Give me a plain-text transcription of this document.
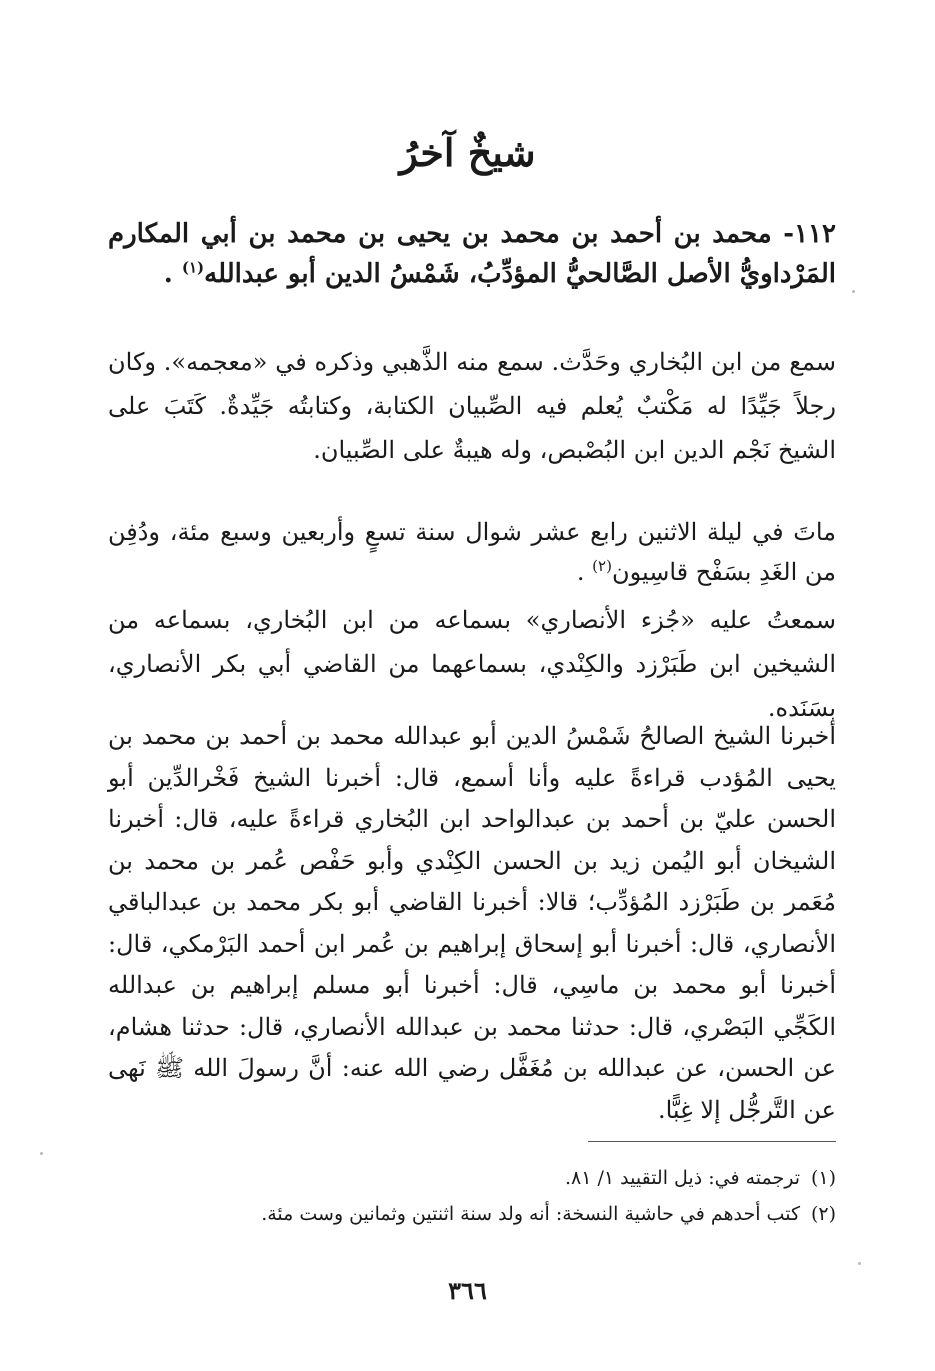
شيخٌ آخرُ

١١٢- محمد بن أحمد بن محمد بن يحيى بن محمد بن أبي المكارم المَرْداويُّ الأصل الصَّالحيُّ المؤدِّبُ، شَمْسُ الدين أبو عبدالله$^{(١)}$ .

سمع من ابن البُخاري وحَدَّث. سمع منه الذَّهبي وذكره في «معجمه». وكان رجلاً جَيِّدًا له مَكْتبٌ يُعلم فيه الصِّبيان الكتابة، وكتابتُه جَيِّدةٌ. كَتَبَ على الشيخ نَجْم الدين ابن البُصْبص، وله هيبةٌ على الصِّبيان.

ماتَ في ليلة الاثنين رابع عشر شوال سنة تسعٍ وأربعين وسبع مئة، ودُفِن من الغَدِ بسَفْح قاسِيون$^{(٢)}$ .

سمعتُ عليه «جُزء الأنصاري» بسماعه من ابن البُخاري، بسماعه من الشيخين ابن طَبَرْزد والكِنْدي، بسماعهما من القاضي أبي بكر الأنصاري، بسَنَده.

أخبرنا الشيخ الصالحُ شَمْسُ الدين أبو عبدالله محمد بن أحمد بن محمد بن يحيى المُؤدب قراءةً عليه وأنا أسمع، قال: أخبرنا الشيخ فَخْرالدِّين أبو الحسن عليّ بن أحمد بن عبدالواحد ابن البُخاري قراءةً عليه، قال: أخبرنا الشيخان أبو اليُمن زيد بن الحسن الكِنْدي وأبو حَفْص عُمر بن محمد بن مُعَمر بن طَبَرْزد المُؤدِّب؛ قالا: أخبرنا القاضي أبو بكر محمد بن عبدالباقي الأنصاري، قال: أخبرنا أبو إسحاق إبراهيم بن عُمر ابن أحمد البَرْمكي، قال: أخبرنا أبو محمد بن ماسِي، قال: أخبرنا أبو مسلم إبراهيم بن عبدالله الكَجِّي البَصْري، قال: حدثنا محمد بن عبدالله الأنصاري، قال: حدثنا هشام، عن الحسن، عن عبدالله بن مُغَفَّل رضي الله عنه: أنَّ رسولَ الله ﷺ نَهى عن التَّرجُّل إلا غِبًّا.

(١)ترجمته في: ذيل التقييد ١/ ٨١.
(٢)كتب أحدهم في حاشية النسخة: أنه ولد سنة اثنتين وثمانين وست مئة.
٣٦٦
